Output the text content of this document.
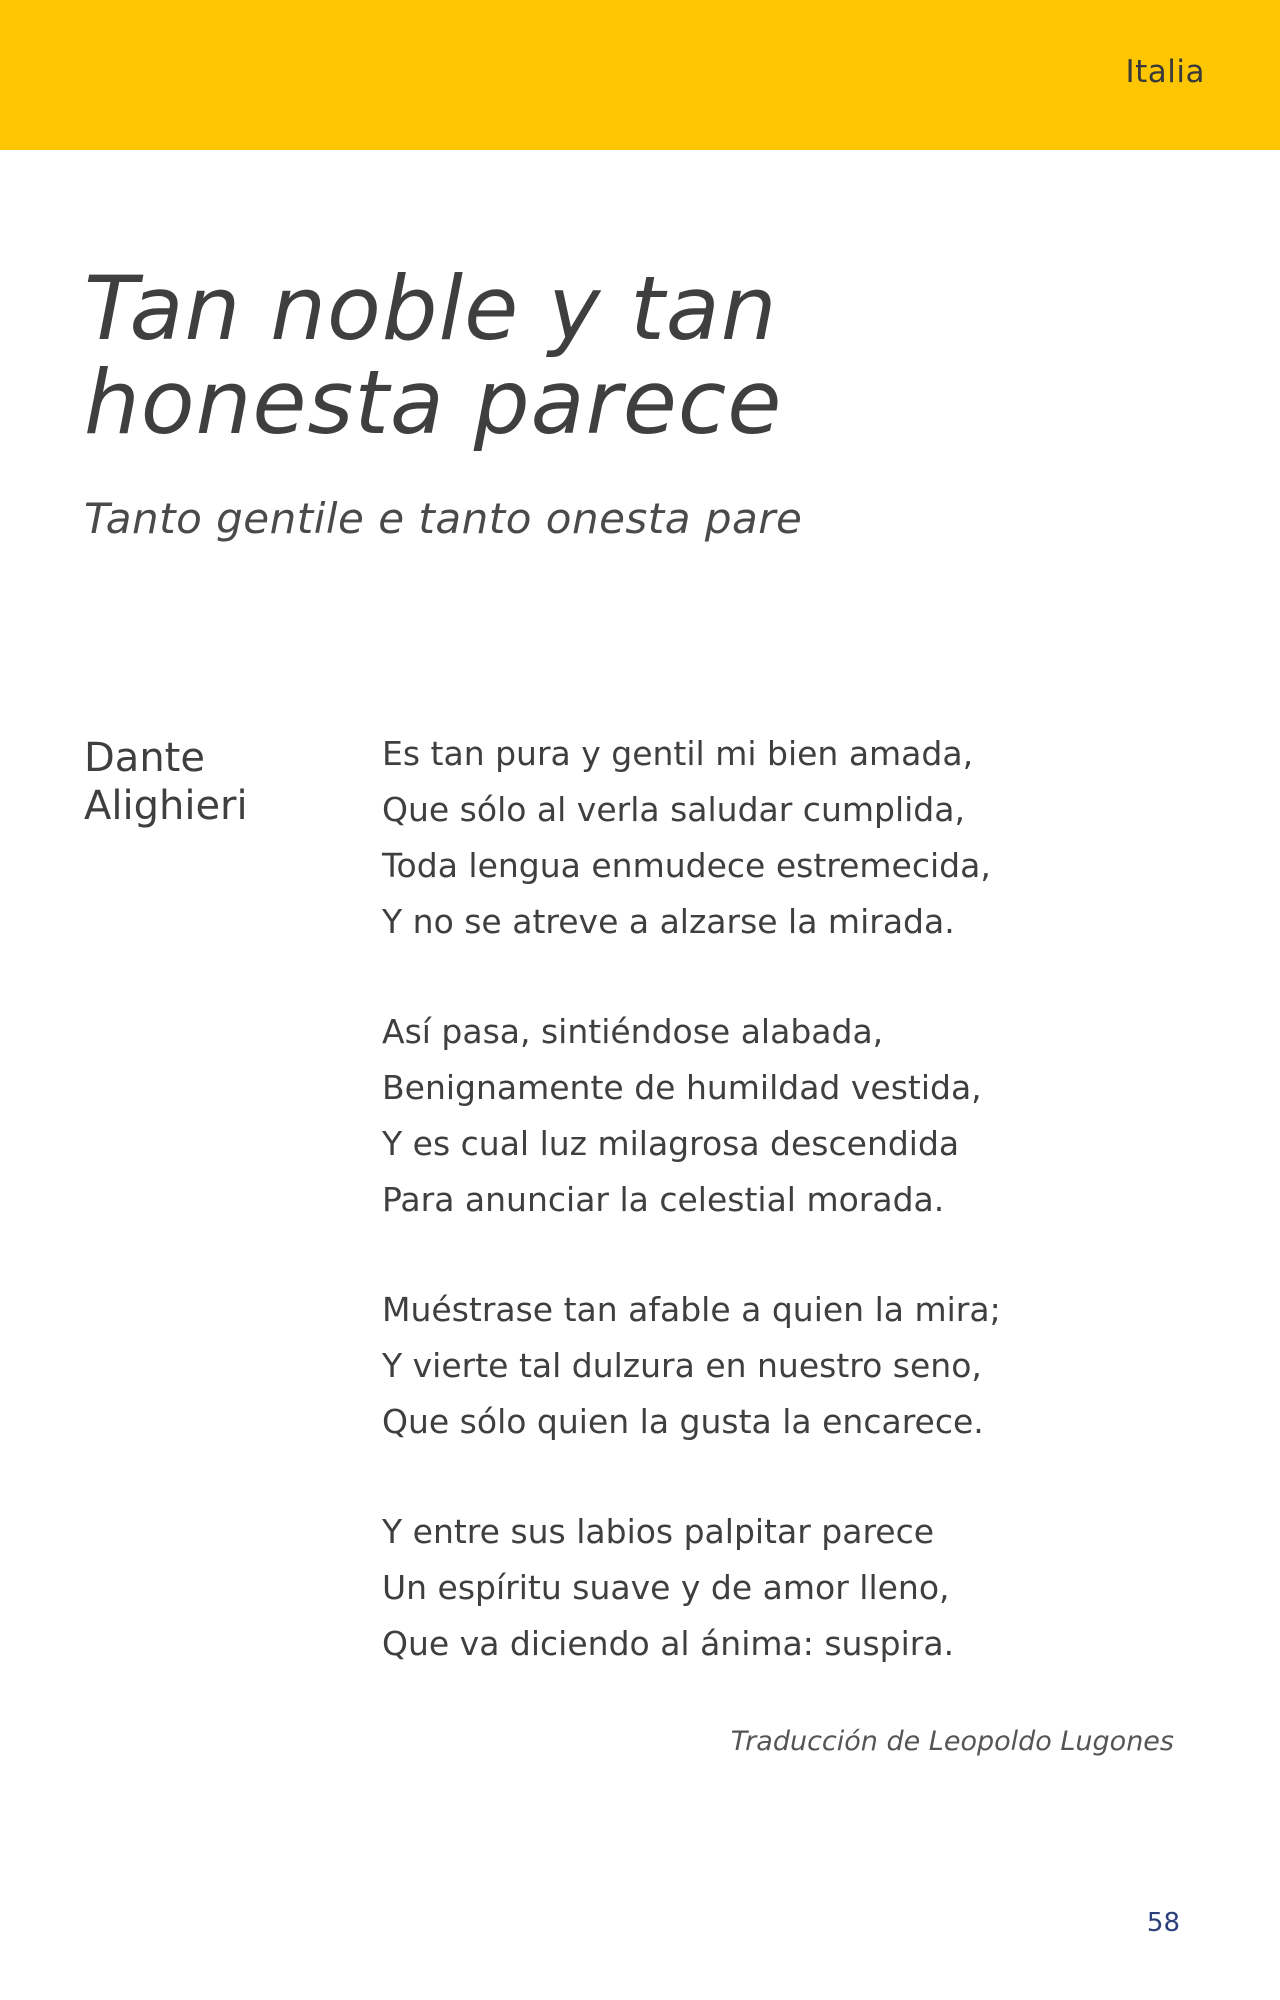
Italia
Tan noble y tan
honesta parece
Tanto gentile e tanto onesta pare
Dante
Alighieri
Es tan pura y gentil mi bien amada,
Que sólo al verla saludar cumplida,
Toda lengua enmudece estremecida,
Y no se atreve a alzarse la mirada.
Así pasa, sintiéndose alabada,
Benignamente de humildad vestida,
Y es cual luz milagrosa descendida
Para anunciar la celestial morada.
Muéstrase tan afable a quien la mira;
Y vierte tal dulzura en nuestro seno,
Que sólo quien la gusta la encarece.
Y entre sus labios palpitar parece
Un espíritu suave y de amor lleno,
Que va diciendo al ánima: suspira.
Traducción de Leopoldo Lugones
58
